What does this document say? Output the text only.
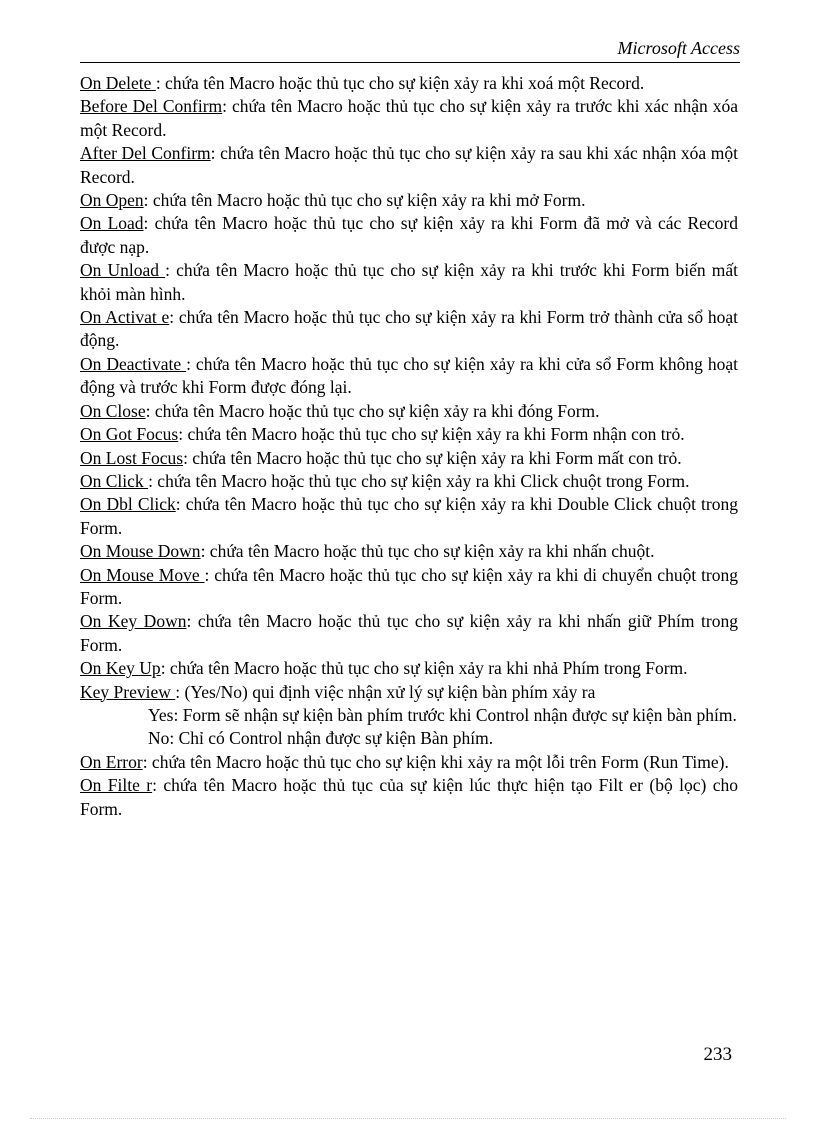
Microsoft Access

On Delete : chứa tên Macro hoặc thủ tục cho sự kiện xảy ra khi xoá một Record.

Before Del Confirm: chứa tên Macro hoặc thủ tục cho sự kiện xảy ra trước khi xác nhận xóa một Record.

After Del Confirm: chứa tên Macro hoặc thủ tục cho sự kiện xảy ra sau khi xác nhận xóa một Record.

On Open: chứa tên Macro hoặc thủ tục cho sự kiện xảy ra khi mở Form.

On Load: chứa tên Macro hoặc thủ tục cho sự kiện xảy ra khi Form đã mở và các Record được nạp.

On Unload : chứa tên Macro hoặc thủ tục cho sự kiện xảy ra khi trước khi Form biến mất khỏi màn hình.

On Activat e: chứa tên Macro hoặc thủ tục cho sự kiện xảy ra khi Form trở thành cửa sổ hoạt động.

On Deactivate : chứa tên Macro hoặc thủ tục cho sự kiện xảy ra khi cửa sổ Form không hoạt động và trước khi Form được đóng lại.

On Close: chứa tên Macro hoặc thủ tục cho sự kiện xảy ra khi đóng Form.

On Got Focus: chứa tên Macro hoặc thủ tục cho sự kiện xảy ra khi Form nhận con trỏ.

On Lost Focus: chứa tên Macro hoặc thủ tục cho sự kiện xảy ra khi Form mất con trỏ.

On Click : chứa tên Macro hoặc thủ tục cho sự kiện xảy ra khi Click chuột trong Form.

On Dbl Click: chứa tên Macro hoặc thủ tục cho sự kiện xảy ra khi Double Click chuột trong Form.

On Mouse Down: chứa tên Macro hoặc thủ tục cho sự kiện xảy ra khi nhấn chuột.

On Mouse Move : chứa tên Macro hoặc thủ tục cho sự kiện xảy ra khi di chuyển chuột trong Form.

On Key Down: chứa tên Macro hoặc thủ tục cho sự kiện xảy ra khi nhấn giữ Phím trong Form.

On Key Up: chứa tên Macro hoặc thủ tục cho sự kiện xảy ra khi nhả Phím trong Form.

Key Preview : (Yes/No) qui định việc nhận xử lý sự kiện bàn phím xảy ra

Yes: Form sẽ nhận sự kiện bàn phím trước khi Control nhận được sự kiện bàn phím.

No: Chỉ có Control nhận được sự kiện Bàn phím.

On Error: chứa tên Macro hoặc thủ tục cho sự kiện khi xảy ra một lỗi trên Form (Run Time).

On Filte r: chứa tên Macro hoặc thủ tục của sự kiện lúc thực hiện tạo Filt er (bộ lọc) cho Form.

233
